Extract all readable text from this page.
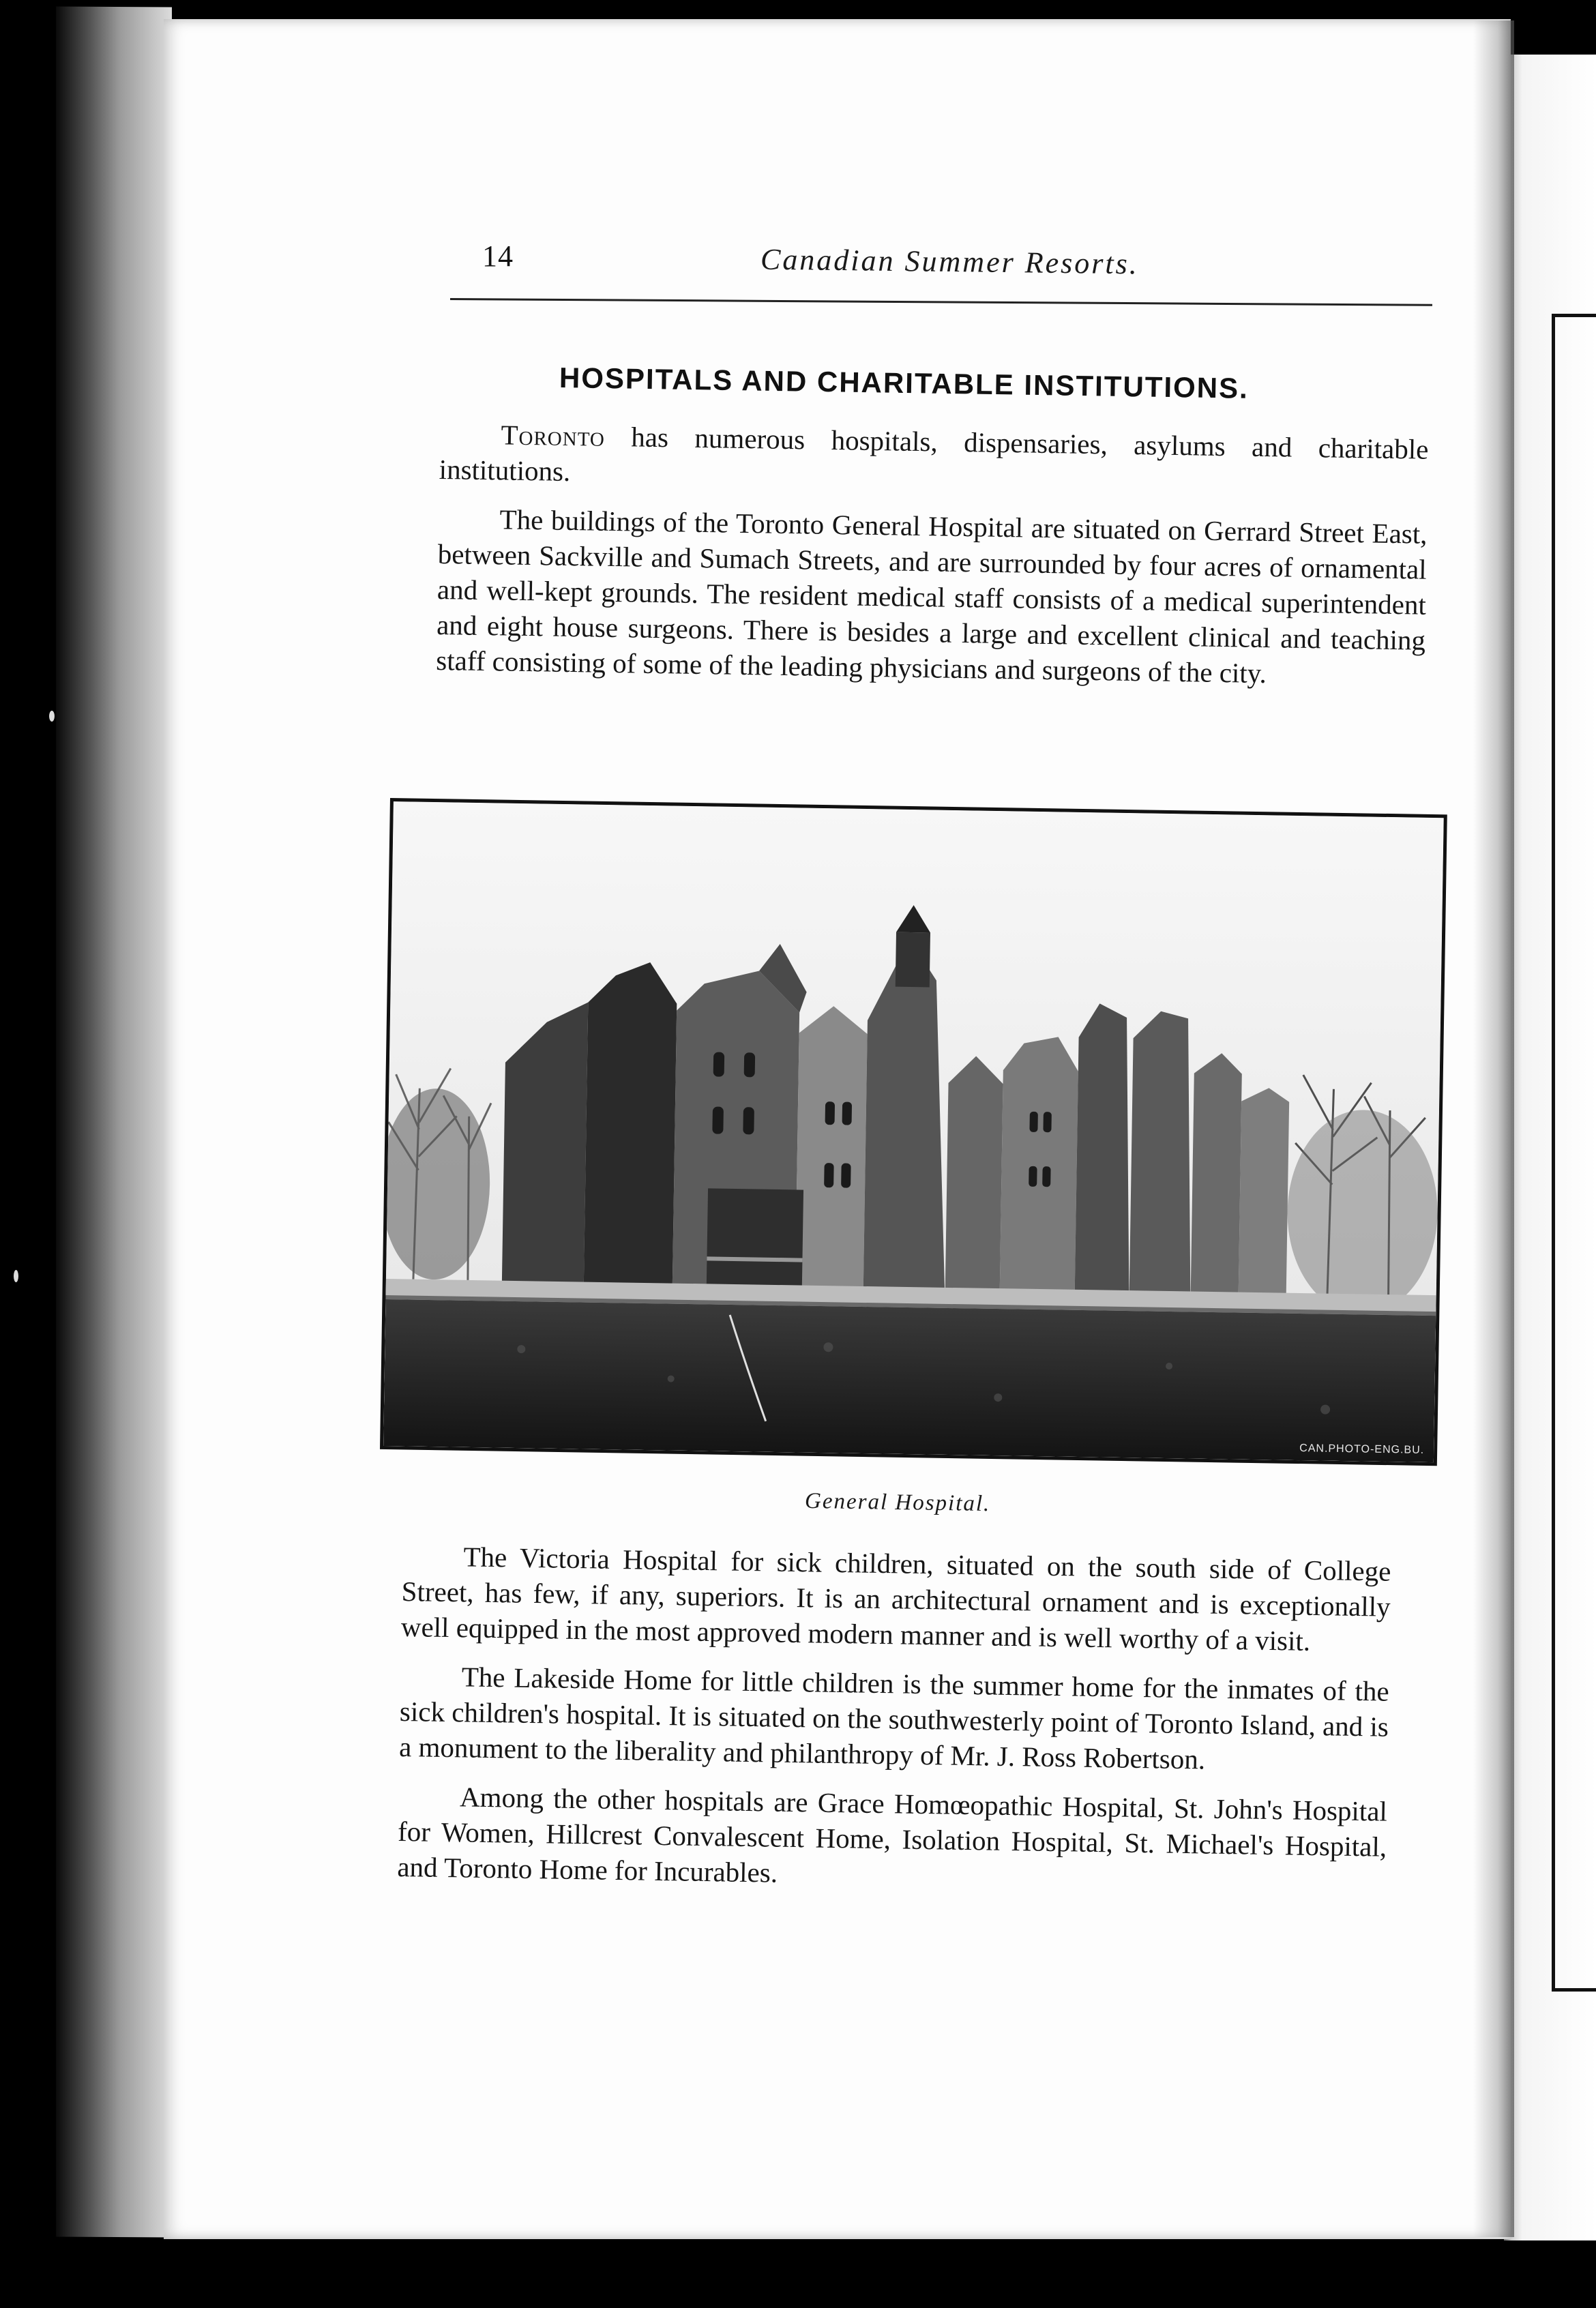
14	Canadian Summer Resorts.
HOSPITALS AND CHARITABLE INSTITUTIONS.

Toronto has numerous hospitals, dispensaries, asylums and charitable institutions.

The buildings of the Toronto General Hospital are situated on Gerrard Street East, between Sackville and Sumach Streets, and are surrounded by four acres of ornamental and well-kept grounds. The resident medical staff consists of a medical superintendent and eight house surgeons. There is besides a large and excellent clinical and teaching staff consisting of some of the leading physicians and surgeons of the city.

CAN.PHOTO-ENG.BU.
General Hospital.

The Victoria Hospital for sick children, situated on the south side of College Street, has few, if any, superiors. It is an architectural ornament and is exceptionally well equipped in the most approved modern manner and is well worthy of a visit.

The Lakeside Home for little children is the summer home for the inmates of the sick children's hospital. It is situated on the southwesterly point of Toronto Island, and is a monument to the liberality and philanthropy of Mr. J. Ross Robertson.

Among the other hospitals are Grace Homœopathic Hospital, St. John's Hospital for Women, Hillcrest Convalescent Home, Isolation Hospital, St. Michael's Hospital, and Toronto Home for Incurables.
